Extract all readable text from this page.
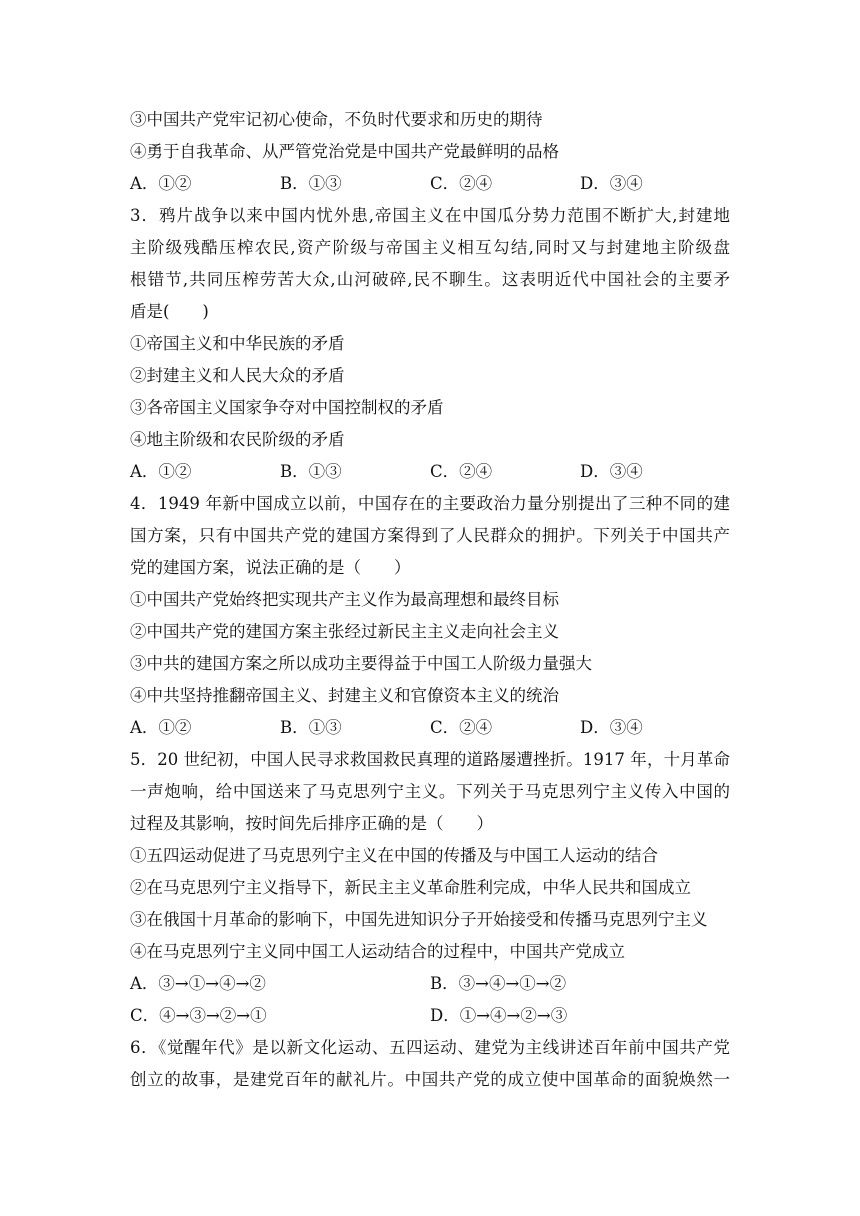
③中国共产党牢记初心使命，不负时代要求和历史的期待
④勇于自我革命、从严管党治党是中国共产党最鲜明的品格
A．①②	B．①③	C．②④	D．③④
3．鸦片战争以来中国内忧外患,帝国主义在中国瓜分势力范围不断扩大,封建地
主阶级残酷压榨农民,资产阶级与帝国主义相互勾结,同时又与封建地主阶级盘
根错节,共同压榨劳苦大众,山河破碎,民不聊生。这表明近代中国社会的主要矛
盾是(　　)
①帝国主义和中华民族的矛盾
②封建主义和人民大众的矛盾
③各帝国主义国家争夺对中国控制权的矛盾
④地主阶级和农民阶级的矛盾
A．①②	B．①③	C．②④	D．③④
4．1949 年新中国成立以前，中国存在的主要政治力量分别提出了三种不同的建
国方案，只有中国共产党的建国方案得到了人民群众的拥护。下列关于中国共产
党的建国方案，说法正确的是（　　）
①中国共产党始终把实现共产主义作为最高理想和最终目标
②中国共产党的建国方案主张经过新民主主义走向社会主义
③中共的建国方案之所以成功主要得益于中国工人阶级力量强大
④中共坚持推翻帝国主义、封建主义和官僚资本主义的统治
A．①②	B．①③	C．②④	D．③④
5．20 世纪初，中国人民寻求救国救民真理的道路屡遭挫折。1917 年，十月革命
一声炮响，给中国送来了马克思列宁主义。下列关于马克思列宁主义传入中国的
过程及其影响，按时间先后排序正确的是（　　）
①五四运动促进了马克思列宁主义在中国的传播及与中国工人运动的结合
②在马克思列宁主义指导下，新民主主义革命胜利完成，中华人民共和国成立
③在俄国十月革命的影响下，中国先进知识分子开始接受和传播马克思列宁主义
④在马克思列宁主义同中国工人运动结合的过程中，中国共产党成立
A．③→①→④→②	B．③→④→①→②
C．④→③→②→①	D．①→④→②→③
6．《觉醒年代》是以新文化运动、五四运动、建党为主线讲述百年前中国共产党
创立的故事，是建党百年的献礼片。中国共产党的成立使中国革命的面貌焕然一
